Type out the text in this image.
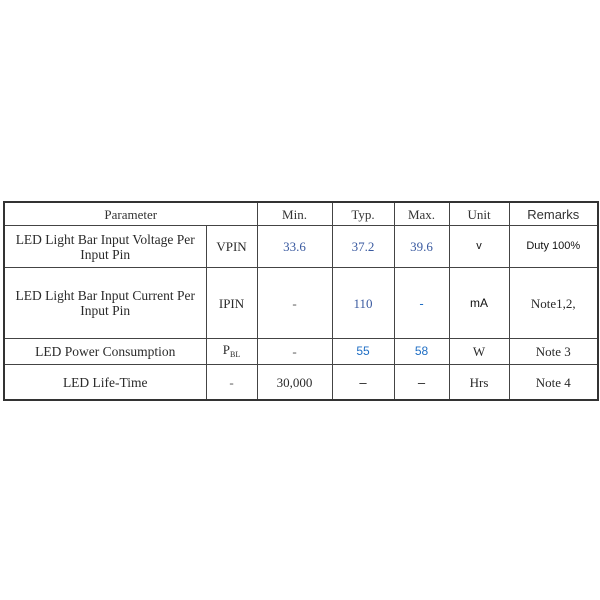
Parameter		Min.	Typ.	Max.	Unit	Remarks
LED Light Bar Input Voltage Per Input Pin	VPIN	33.6	37.2	39.6	v	Duty 100%
LED Light Bar Input Current Per Input Pin	IPIN	-	110	-	mA	Note1,2,
LED Power Consumption	$P_{BL}$	-	55	58	W	Note 3
LED Life-Time	-	30,000	–	–	Hrs	Note 4
